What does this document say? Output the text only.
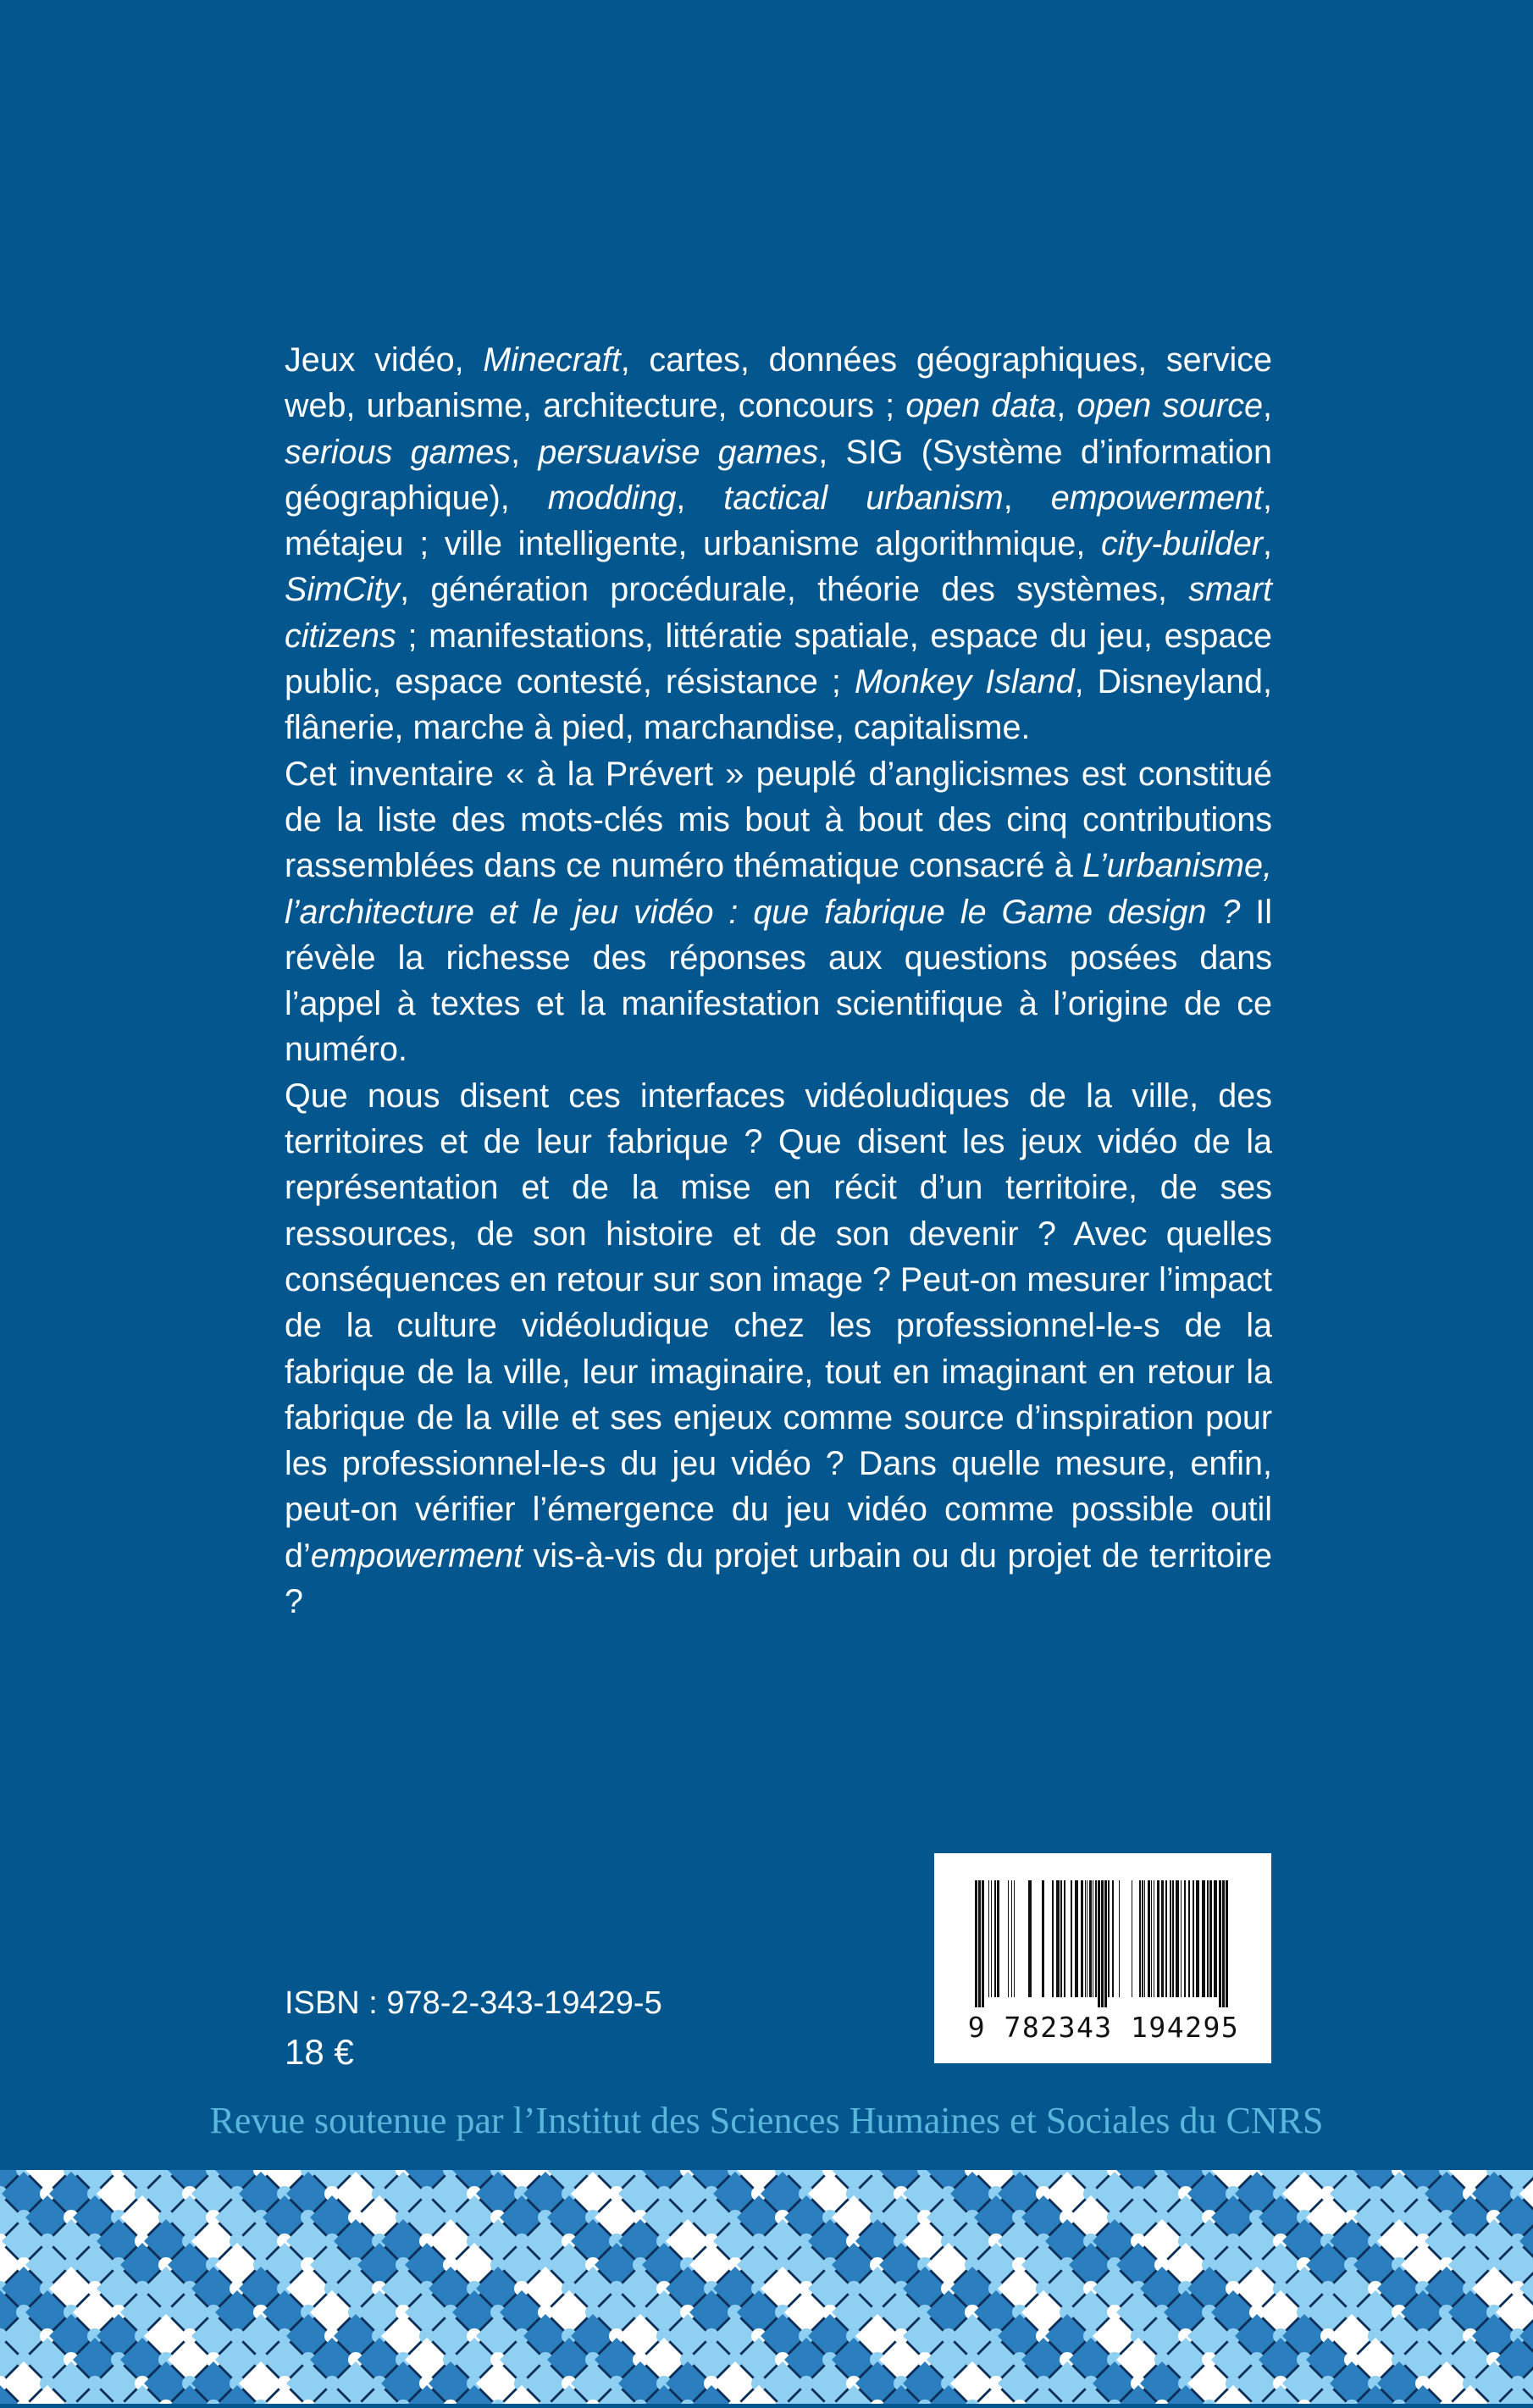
Jeux vidéo, Minecraft, cartes, données géographiques, service web, urbanisme, architecture, concours ; open data, open source, serious games, persuavise games, SIG (Système d’information géographique), modding, tactical urbanism, empowerment, métajeu ; ville intelligente, urbanisme algorithmique, city-builder, SimCity, génération procédurale, théorie des systèmes, smart citizens ; manifestations, littératie spatiale, espace du jeu, espace public, espace contesté, résistance ; Monkey Island, Disneyland, flânerie, marche à pied, marchandise, capitalisme.

Cet inventaire « à la Prévert » peuplé d’anglicismes est constitué de la liste des mots-clés mis bout à bout des cinq contributions rassemblées dans ce numéro thématique consacré à L’urbanisme, l’architecture et le jeu vidéo : que fabrique le Game design ? Il révèle la richesse des réponses aux questions posées dans l’appel à textes et la manifestation scientifique à l’origine de ce numéro.

Que nous disent ces interfaces vidéoludiques de la ville, des territoires et de leur fabrique ? Que disent les jeux vidéo de la représentation et de la mise en récit d’un territoire, de ses ressources, de son histoire et de son devenir ? Avec quelles conséquences en retour sur son image ? Peut-on mesurer l’impact de la culture vidéoludique chez les professionnel-le-s de la fabrique de la ville, leur imaginaire, tout en imaginant en retour la fabrique de la ville et ses enjeux comme source d’inspiration pour les professionnel-le-s du jeu vidéo ? Dans quelle mesure, enfin, peut-on vérifier l’émergence du jeu vidéo comme possible outil d’empowerment vis-à-vis du projet urbain ou du projet de territoire ?

9 782343 194295
ISBN : 978-2-343-19429-5
18 €
Revue soutenue par l’Institut des Sciences Humaines et Sociales du CNRS
